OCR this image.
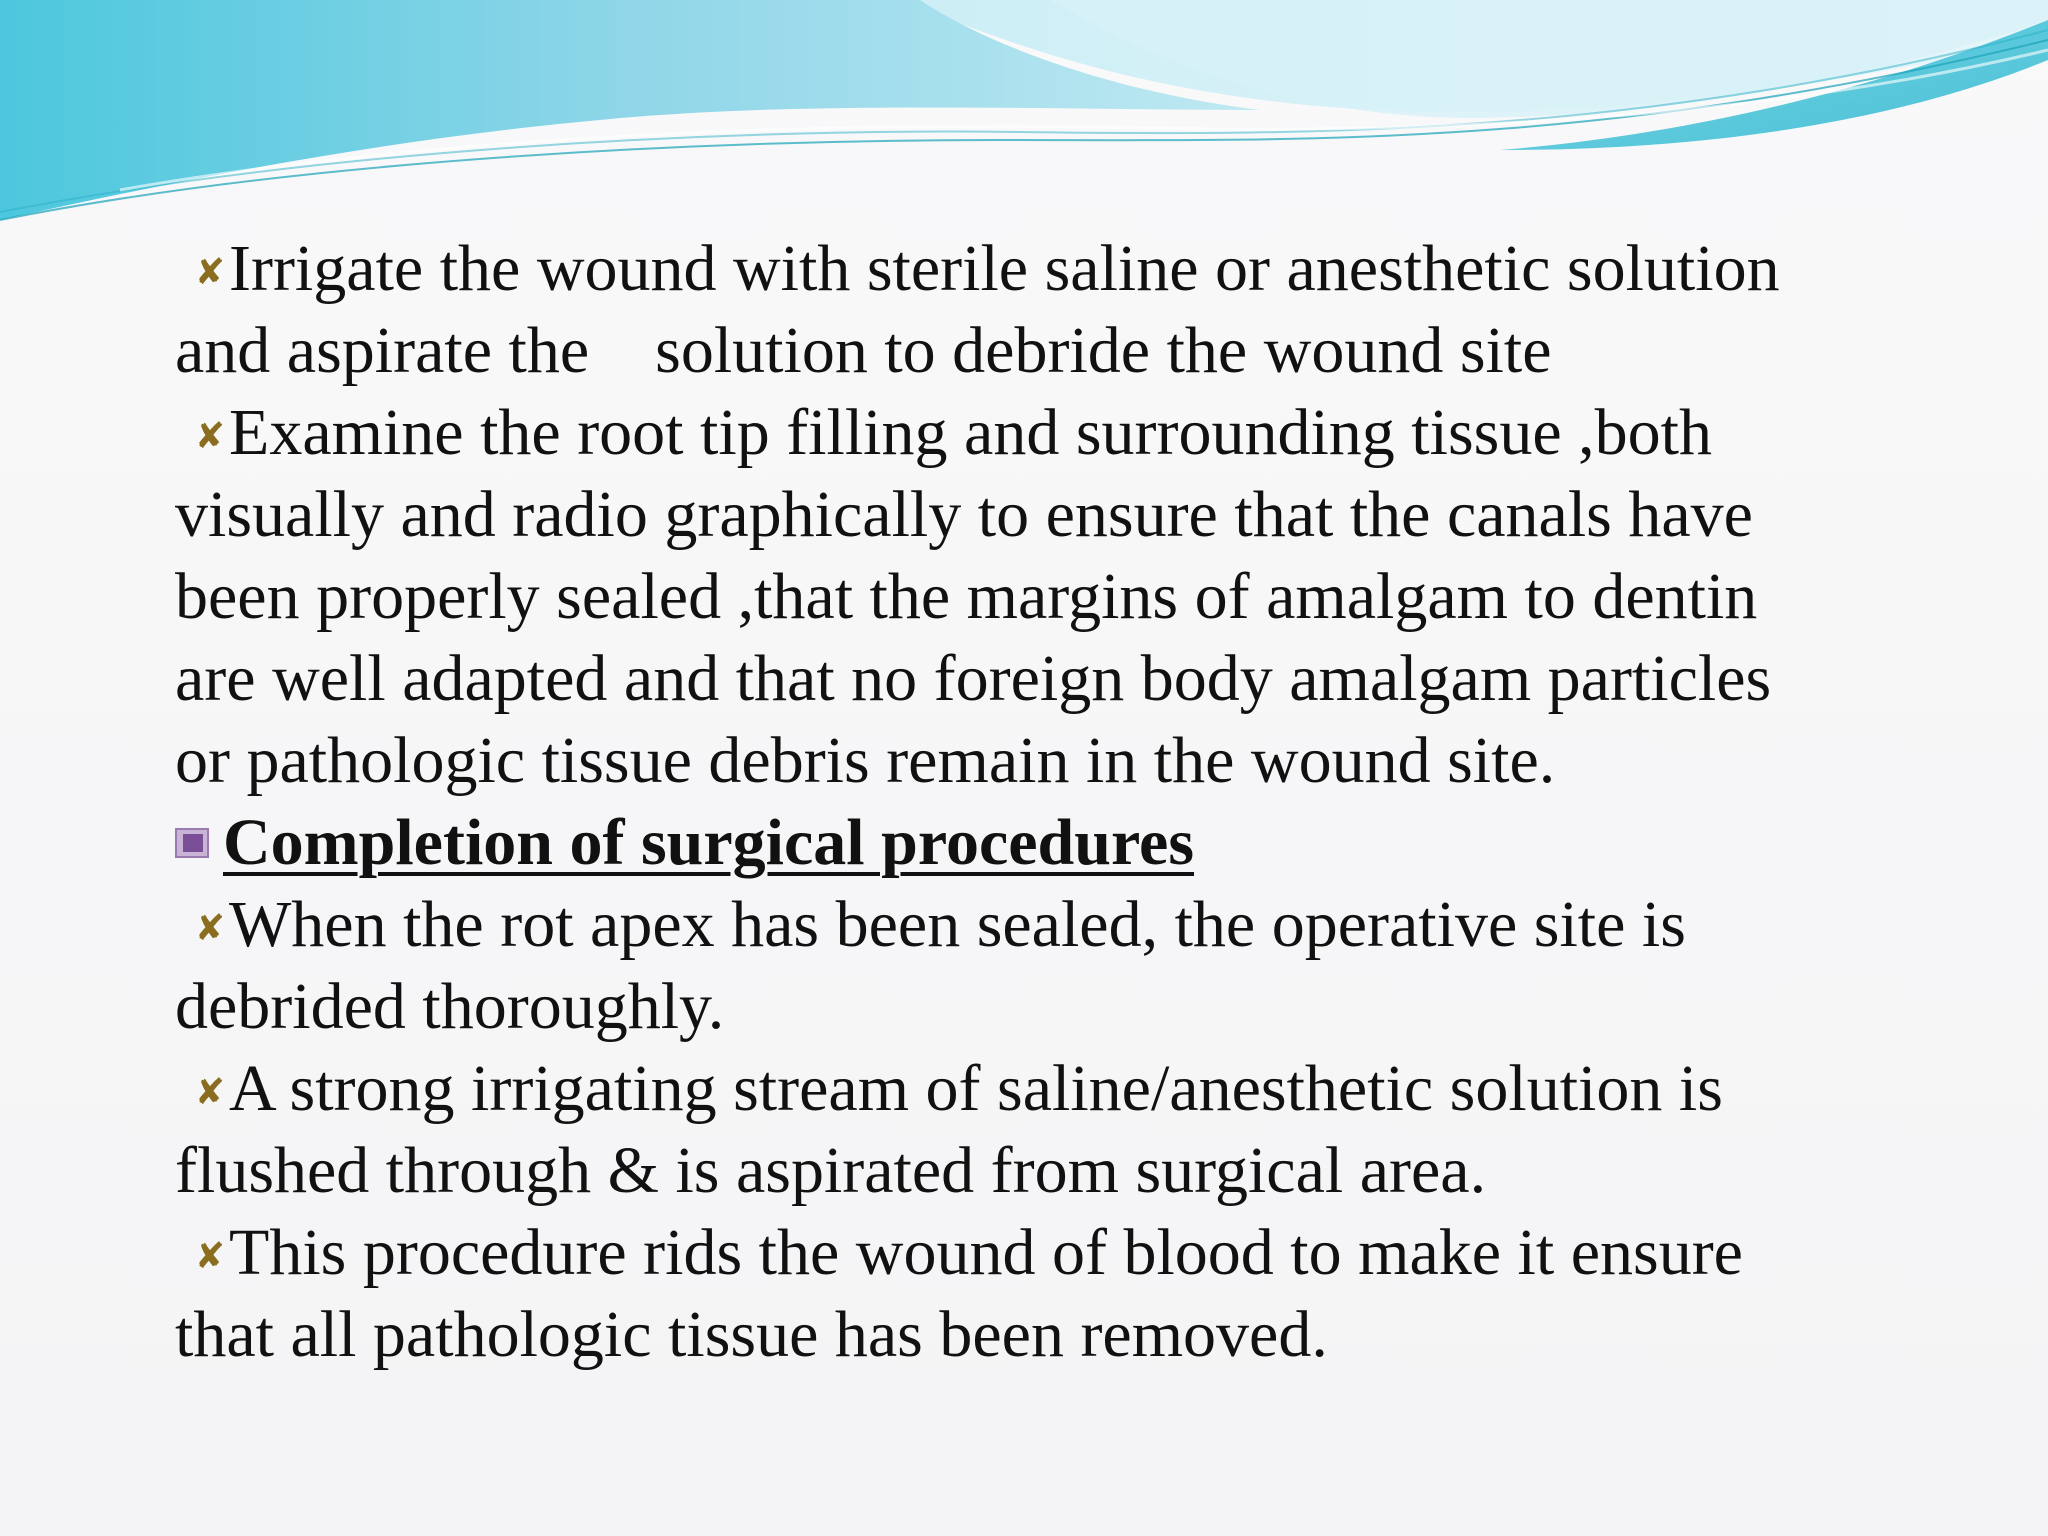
✘Irrigate the wound with sterile saline or anesthetic solution
and aspirate the    solution to debride the wound site
✘Examine the root tip filling and surrounding tissue ,both
visually and radio graphically to ensure that the canals have
been properly sealed ,that the margins of amalgam to dentin
are well adapted and that no foreign body amalgam particles
or pathologic tissue debris remain in the wound site.
Completion of surgical procedures
✘When the rot apex has been sealed, the operative site is
debrided thoroughly.
✘A strong irrigating stream of saline/anesthetic solution is
flushed through & is aspirated from surgical area.
✘This procedure rids the wound of blood to make it ensure
that all pathologic tissue has been removed.
